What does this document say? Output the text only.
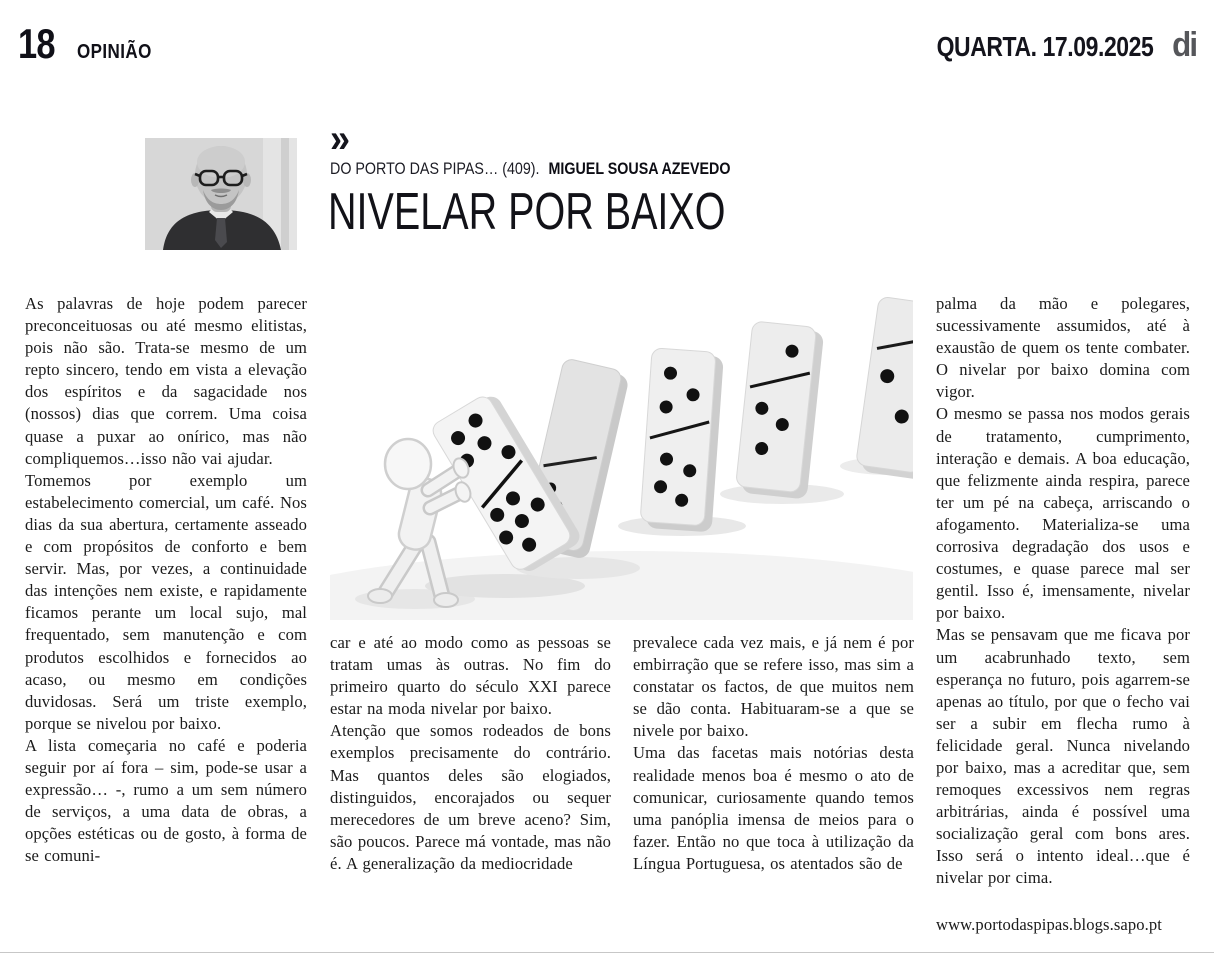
18 OPINIÃO	QUARTA. 17.09.2025 di
»
DO PORTO DAS PIPAS… (409). MIGUEL SOUSA AZEVEDO
NIVELAR POR BAIXO

As palavras de hoje podem parecer preconceituosas ou até mesmo elitistas, pois não são. Trata-se mesmo de um repto sincero, tendo em vista a elevação dos espíritos e da sagacidade nos (nossos) dias que correm. Uma coisa quase a puxar ao onírico, mas não compliquemos…isso não vai ajudar.

Tomemos por exemplo um estabelecimento comercial, um café. Nos dias da sua abertura, certamente asseado e com propósitos de conforto e bem servir. Mas, por vezes, a continuidade das intenções nem existe, e rapidamente ficamos perante um local sujo, mal frequentado, sem manutenção e com produtos escolhidos e fornecidos ao acaso, ou mesmo em condições duvidosas. Será um triste exemplo, porque se nivelou por baixo.

A lista começaria no café e poderia seguir por aí fora – sim, pode-se usar a expressão… -, rumo a um sem número de serviços, a uma data de obras, a opções estéticas ou de gosto, à forma de se comuni-

car e até ao modo como as pessoas se tratam umas às outras. No fim do primeiro quarto do século XXI parece estar na moda nivelar por baixo.

Atenção que somos rodeados de bons exemplos precisamente do contrário. Mas quantos deles são elogiados, distinguidos, encorajados ou sequer merecedores de um breve aceno? Sim, são poucos. Parece má vontade, mas não é. A generalização da mediocridade

prevalece cada vez mais, e já nem é por embirração que se refere isso, mas sim a constatar os factos, de que muitos nem se dão conta. Habituaram-se a que se nivele por baixo.

Uma das facetas mais notórias desta realidade menos boa é mesmo o ato de comunicar, curiosamente quando temos uma panóplia imensa de meios para o fazer. Então no que toca à utilização da Língua Portuguesa, os atentados são de

palma da mão e polegares, sucessivamente assumidos, até à exaustão de quem os tente combater. O nivelar por baixo domina com vigor.

O mesmo se passa nos modos gerais de tratamento, cumprimento, interação e demais. A boa educação, que felizmente ainda respira, parece ter um pé na cabeça, arriscando o afogamento. Materializa-se uma corrosiva degradação dos usos e costumes, e quase parece mal ser gentil. Isso é, imensamente, nivelar por baixo.

Mas se pensavam que me ficava por um acabrunhado texto, sem esperança no futuro, pois agarrem-se apenas ao título, por que o fecho vai ser a subir em flecha rumo à felicidade geral. Nunca nivelando por baixo, mas a acreditar que, sem remoques excessivos nem regras arbitrárias, ainda é possível uma socialização geral com bons ares. Isso será o intento ideal…que é nivelar por cima.

www.portodaspipas.blogs.sapo.pt
